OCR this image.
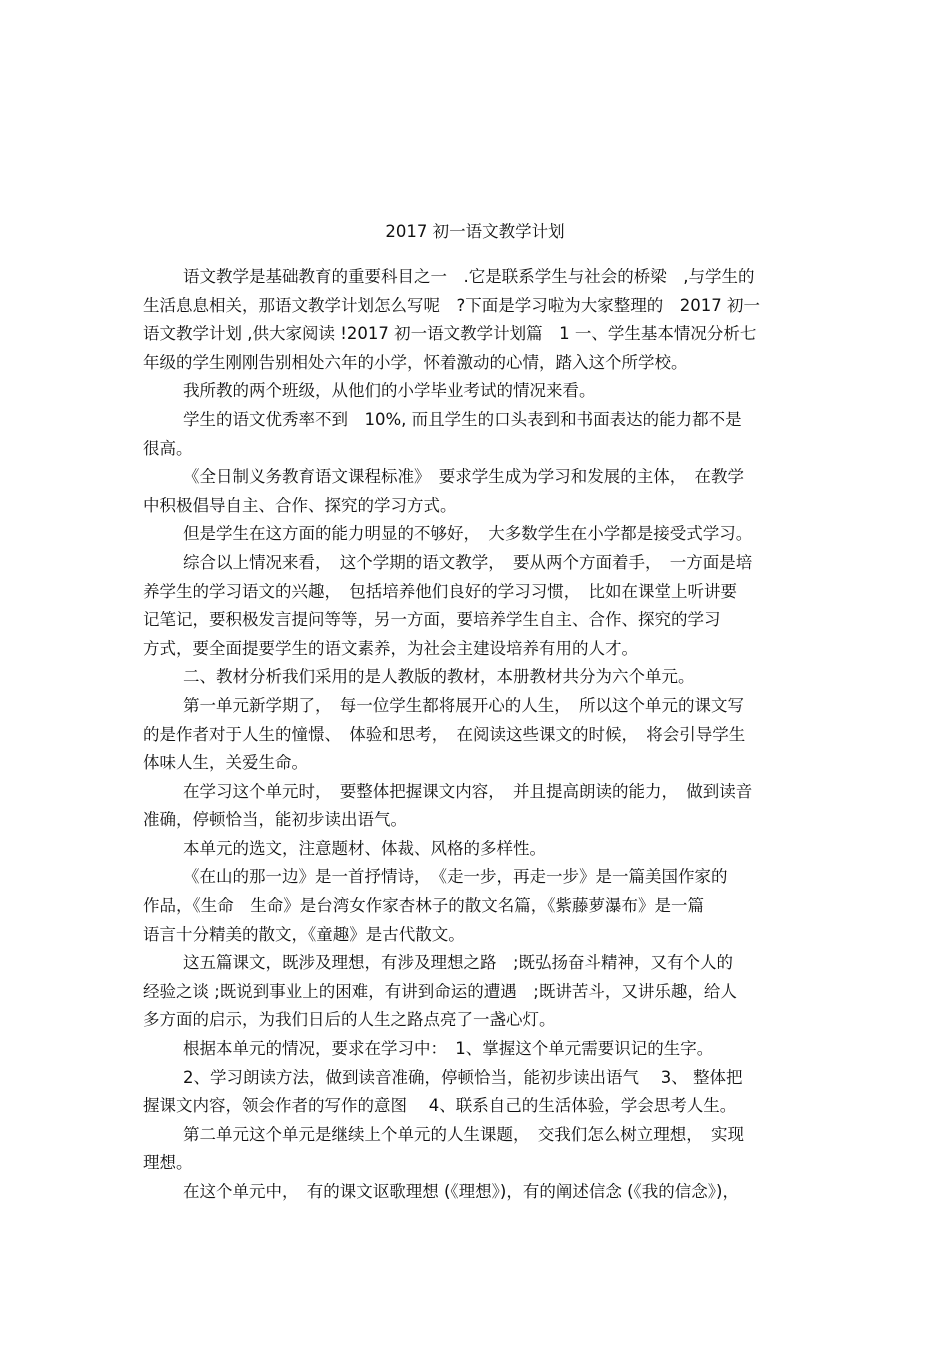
2017 初一语文教学计划
语文教学是基础教育的重要科目之一　.它是联系学生与社会的桥梁　,与学生的
生活息息相关，那语文教学计划怎么写呢　?下面是学习啦为大家整理的　2017 初一
语文教学计划 ,供大家阅读 !2017 初一语文教学计划篇　1 一、学生基本情况分析七
年级的学生刚刚告别相处六年的小学，怀着激动的心情，踏入这个所学校。
我所教的两个班级，从他们的小学毕业考试的情况来看。
学生的语文优秀率不到　10%, 而且学生的口头表到和书面表达的能力都不是
很高。
《全日制义务教育语文课程标准》　要求学生成为学习和发展的主体，　在教学
中积极倡导自主、合作、探究的学习方式。
但是学生在这方面的能力明显的不够好，　大多数学生在小学都是接受式学习。
综合以上情况来看，　这个学期的语文教学，　要从两个方面着手，　一方面是培
养学生的学习语文的兴趣，　包括培养他们良好的学习习惯，　比如在课堂上听讲要
记笔记，要积极发言提问等等，另一方面，要培养学生自主、合作、探究的学习
方式，要全面提要学生的语文素养，为社会主建设培养有用的人才。
二、教材分析我们采用的是人教版的教材，本册教材共分为六个单元。
第一单元新学期了，　每一位学生都将展开心的人生，　所以这个单元的课文写
的是作者对于人生的憧憬、　体验和思考，　在阅读这些课文的时候，　将会引导学生
体味人生，关爱生命。
在学习这个单元时，　要整体把握课文内容，　并且提高朗读的能力，　做到读音
准确，停顿恰当，能初步读出语气。
本单元的选文，注意题材、体裁、风格的多样性。
《在山的那一边》是一首抒情诗，　《走一步，再走一步》是一篇美国作家的
作品，《生命　生命》是台湾女作家杏林子的散文名篇，《紫藤萝瀑布》是一篇
语言十分精美的散文，《童趣》是古代散文。
这五篇课文，既涉及理想，有涉及理想之路　;既弘扬奋斗精神，又有个人的
经验之谈 ;既说到事业上的困难，有讲到命运的遭遇　;既讲苦斗，又讲乐趣，给人
多方面的启示，为我们日后的人生之路点亮了一盏心灯。
根据本单元的情况，要求在学习中：　1、掌握这个单元需要识记的生字。
2、学习朗读方法，做到读音准确，停顿恰当，能初步读出语气　 3、 整体把
握课文内容，领会作者的写作的意图　 4、联系自己的生活体验，学会思考人生。
第二单元这个单元是继续上个单元的人生课题，　交我们怎么树立理想，　实现
理想。
在这个单元中，　有的课文讴歌理想 (《理想》)，有的阐述信念 (《我的信念》)，
